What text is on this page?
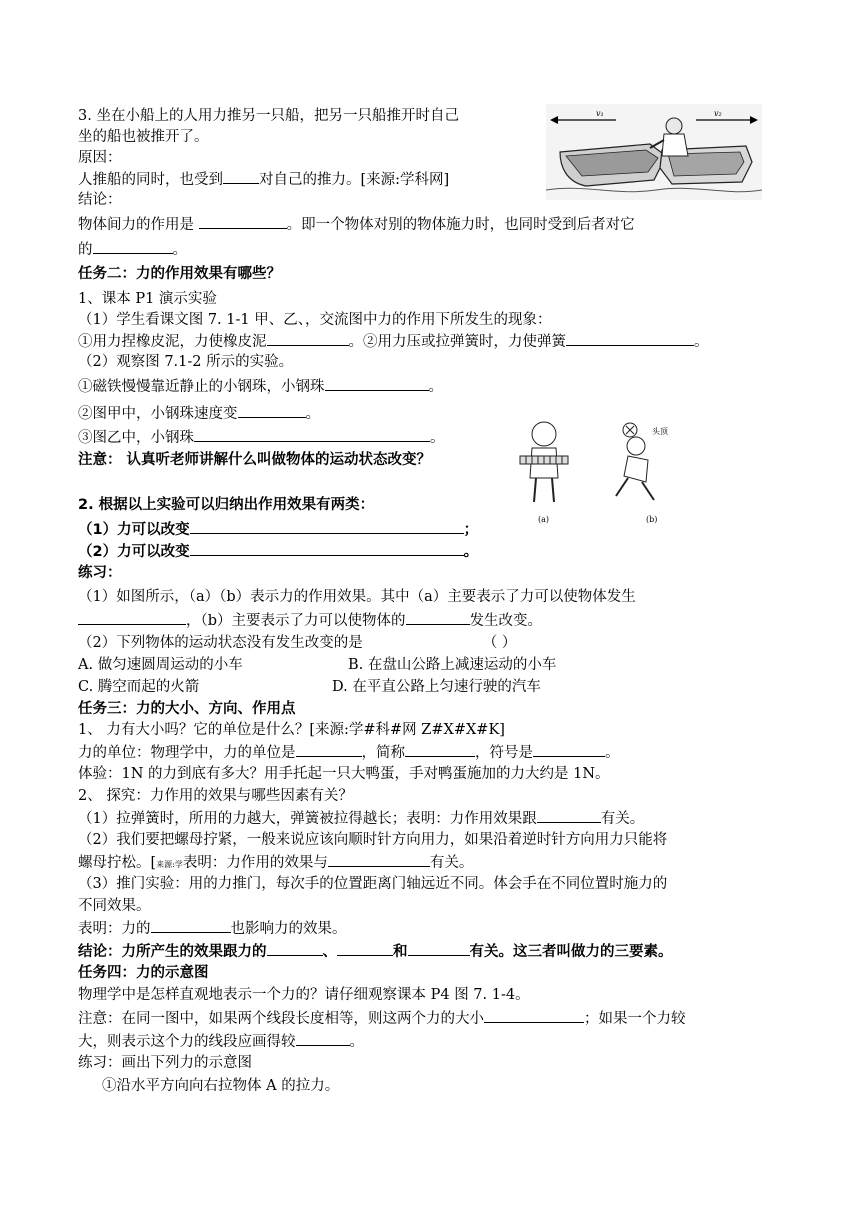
3. 坐在小船上的人用力推另一只船，把另一只船推开时自己
坐的船也被推开了。
原因：
人推船的同时，也受到 对自己的推力。[来源:学科网]
结论：
物体间力的作用是	。即一个物体对别的物体施力时，也同时受到后者对它
的	。
v₁	v₂
任务二：力的作用效果有哪些？
1、课本 P1 演示实验
（1）学生看课文图 7. 1-1 甲、乙、，交流图中力的作用下所发生的现象：
①用力捏橡皮泥，力使橡皮泥	。②用力压或拉弹簧时，力使弹簧	。
（2）观察图 7.1-2 所示的实验。
①磁铁慢慢靠近静止的小钢珠，小钢珠	。
②图甲中，小钢珠速度变	。
③图乙中，小钢珠	。
注意： 认真听老师讲解什么叫做物体的运动状态改变？
(a)
头顶
(b)
2. 根据以上实验可以归纳出作用效果有两类：
（1）力可以改变	；
（2）力可以改变	。
练习：
（1）如图所示，（a）（b）表示力的作用效果。其中（a）主要表示了力可以使物体发生
，（b）主要表示了力可以使物体的	发生改变。
（2）下列物体的运动状态没有发生改变的是	（ ）
A. 做匀速圆周运动的小车	B. 在盘山公路上减速运动的小车
C. 腾空而起的火箭	D. 在平直公路上匀速行驶的汽车
任务三：力的大小、方向、作用点
1、 力有大小吗？它的单位是什么？[来源:学#科#网 Z#X#X#K]
力的单位：物理学中，力的单位是	，简称	，符号是	。
体验：1N 的力到底有多大？用手托起一只大鸭蛋，手对鸭蛋施加的力大约是 1N。
2、 探究：力作用的效果与哪些因素有关？
（1）拉弹簧时，所用的力越大，弹簧被拉得越长；表明：力作用效果跟	有关。
（2）我们要把螺母拧紧，一般来说应该向顺时针方向用力，如果沿着逆时针方向用力只能将
螺母拧松。[来源:学表明：力作用的效果与	有关。
（3）推门实验：用的力推门，每次手的位置距离门轴远近不同。体会手在不同位置时施力的
不同效果。
表明：力的	也影响力的效果。
结论：力所产生的效果跟力的	、	和	有关。这三者叫做力的三要素。
任务四：力的示意图
物理学中是怎样直观地表示一个力的？请仔细观察课本 P4 图 7. 1-4。
注意：在同一图中，如果两个线段长度相等，则这两个力的大小	；如果一个力较
大，则表示这个力的线段应画得较	。
练习：画出下列力的示意图
①沿水平方向向右拉物体 A 的拉力。
